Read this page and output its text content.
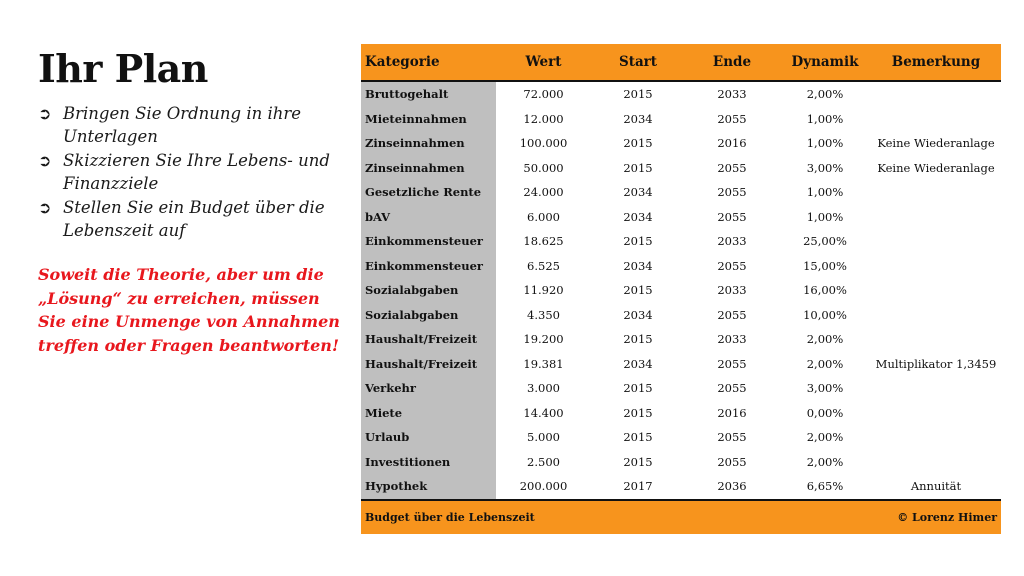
Ihr Plan
➲ Bringen Sie Ordnung in ihre Unterlagen
➲ Skizzieren Sie Ihre Lebens- und Finanzziele
➲ Stellen Sie ein Budget über die Lebenszeit auf

Soweit die Theorie, aber um die „Lösung“ zu erreichen, müssen Sie eine Unmenge von Annahmen treffen oder Fragen beantworten!

Kategorie	Wert	Start	Ende	Dynamik	Bemerkung
Bruttogehalt	72.000	2015	2033	2,00%	
Mieteinnahmen	12.000	2034	2055	1,00%	
Zinseinnahmen	100.000	2015	2016	1,00%	Keine Wiederanlage
Zinseinnahmen	50.000	2015	2055	3,00%	Keine Wiederanlage
Gesetzliche Rente	24.000	2034	2055	1,00%	
bAV	6.000	2034	2055	1,00%	
Einkommensteuer	18.625	2015	2033	25,00%	
Einkommensteuer	6.525	2034	2055	15,00%	
Sozialabgaben	11.920	2015	2033	16,00%	
Sozialabgaben	4.350	2034	2055	10,00%	
Haushalt/Freizeit	19.200	2015	2033	2,00%	
Haushalt/Freizeit	19.381	2034	2055	2,00%	Multiplikator 1,3459
Verkehr	3.000	2015	2055	3,00%	
Miete	14.400	2015	2016	0,00%	
Urlaub	5.000	2015	2055	2,00%	
Investitionen	2.500	2015	2055	2,00%	
Hypothek	200.000	2017	2036	6,65%	Annuität
Budget über die Lebenszeit			© Lorenz Himer		
